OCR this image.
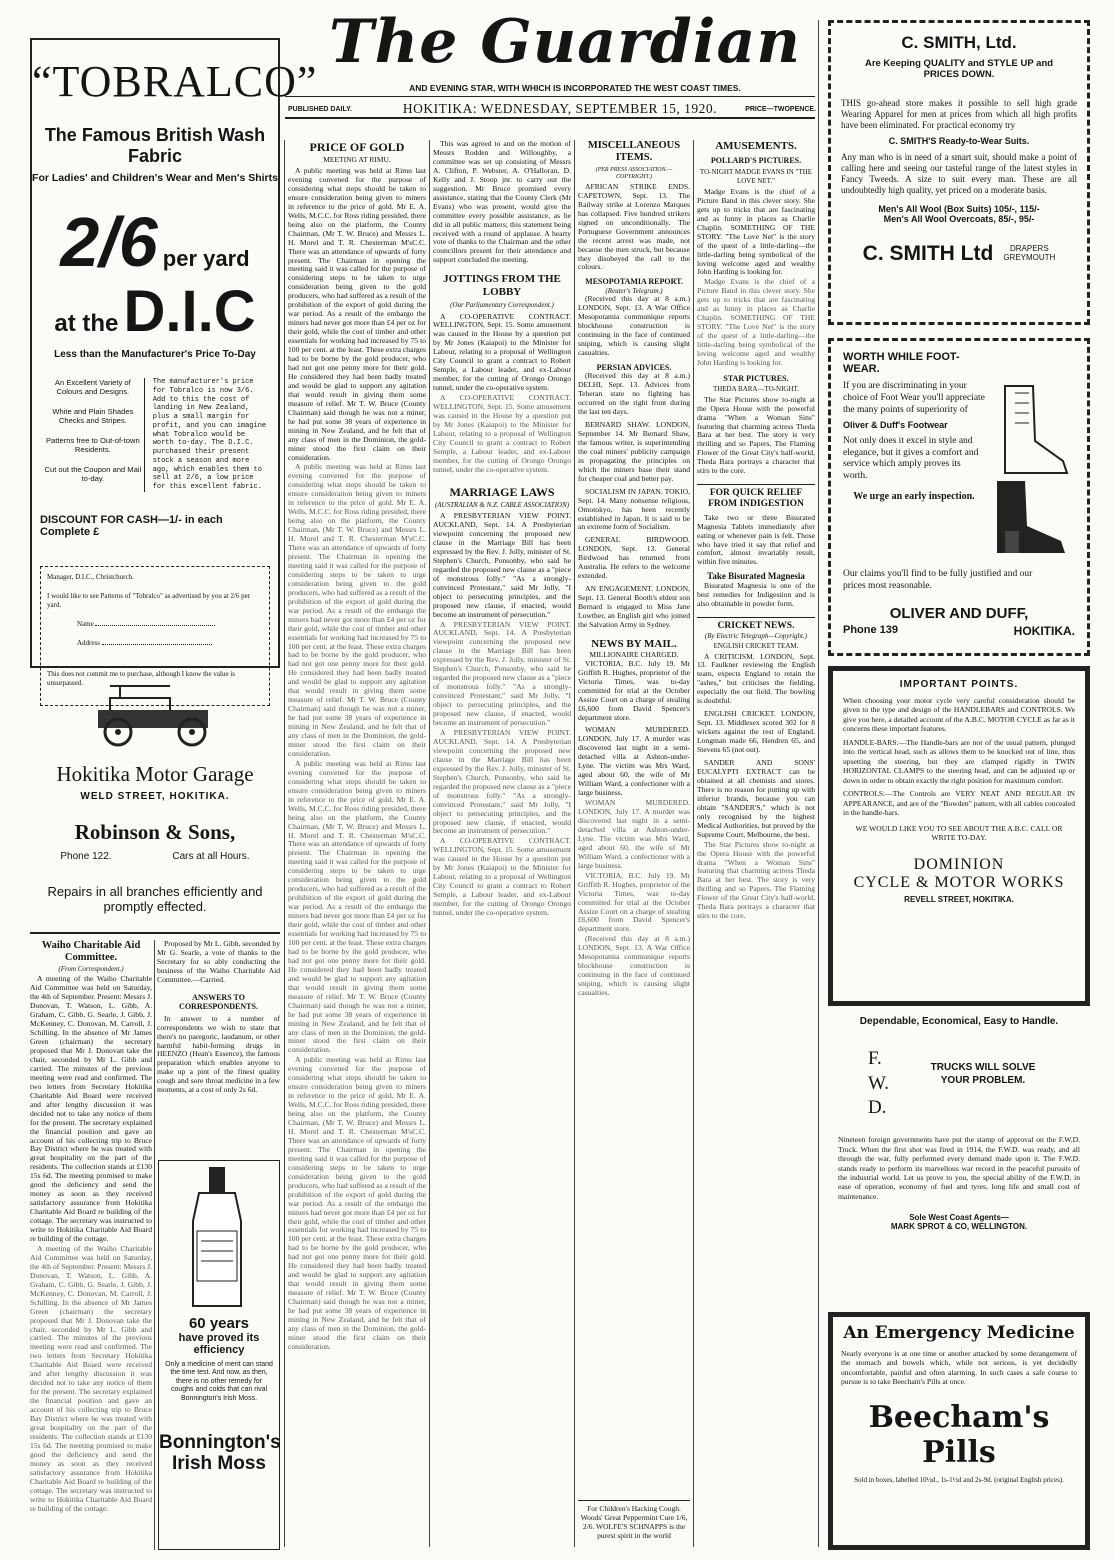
The Guardian
AND EVENING STAR, WITH WHICH IS INCORPORATED THE WEST COAST TIMES.
PUBLISHED DAILY.	HOKITIKA: WEDNESDAY, SEPTEMBER 15, 1920.	PRICE—TWOPENCE.
“TOBRALCO”
The Famous British Wash Fabric
For Ladies' and Children's Wear and Men's Shirts
2/6 per yard
at the D.I.C
Less than the Manufacturer's Price To-Day
An Excellent Variety of Colours and Designs.
White and Plain Shades Checks and Stripes.
Patterns free to Out-of-town Residents.
Cut out the Coupon and Mail to-day.
The manufacturer's price for Tobralco is now 3/6. Add to this the cost of landing in New Zealand, plus a small margin for profit, and you can imagine what Tobralco would be worth to-day. The D.I.C. purchased their present stock a season and more ago, which enables them to sell at 2/6, a low price for this excellent fabric.
DISCOUNT FOR CASH—1/- in each Complete £
Manager, D.I.C., Christchurch.
I would like to see Patterns of "Tobralco" as advertised by you at 2/6 per yard.
Name
Address
This does not commit me to purchase, although I know the value is unsurpassed.
Hokitika Motor Garage
WELD STREET, HOKITIKA.
Robinson & Sons,
Phone 122.	Cars at all Hours.
Repairs in all branches efficiently and promptly effected.
Waiho Charitable Aid Committee.
(From Correspondent.)

A meeting of the Waiho Charitable Aid Committee was held on Saturday, the 4th of September. Present: Messrs J. Donovan, T. Watson, L. Gibb, A. Graham, C. Gibb, G. Searle, J. Gibb, J. McKenney, C. Donovan, M. Carroll, J. Schilling. In the absence of Mr James Green (chairman) the secretary proposed that Mr J. Donovan take the chair, seconded by Mr L. Gibb and carried. The minutes of the previous meeting were read and confirmed. The two letters from Secretary Hokitika Charitable Aid Board were received and after lengthy discussion it was decided not to take any notice of them for the present. The secretary explained the financial position and gave an account of his collecting trip to Bruce Bay District where he was treated with great hospitality on the part of the residents. The collection stands at £130 15s 6d. The meeting promised to make good the deficiency and send the money as soon as they received satisfactory assurance from Hokitika Charitable Aid Board re building of the cottage. The secretary was instructed to write to Hokitika Charitable Aid Board re building of the cottage.

A meeting of the Waiho Charitable Aid Committee was held on Saturday, the 4th of September. Present: Messrs J. Donovan, T. Watson, L. Gibb, A. Graham, C. Gibb, G. Searle, J. Gibb, J. McKenney, C. Donovan, M. Carroll, J. Schilling. In the absence of Mr James Green (chairman) the secretary proposed that Mr J. Donovan take the chair, seconded by Mr L. Gibb and carried. The minutes of the previous meeting were read and confirmed. The two letters from Secretary Hokitika Charitable Aid Board were received and after lengthy discussion it was decided not to take any notice of them for the present. The secretary explained the financial position and gave an account of his collecting trip to Bruce Bay District where he was treated with great hospitality on the part of the residents. The collection stands at £130 15s 6d. The meeting promised to make good the deficiency and send the money as soon as they received satisfactory assurance from Hokitika Charitable Aid Board re building of the cottage. The secretary was instructed to write to Hokitika Charitable Aid Board re building of the cottage.

Proposed by Mr L. Gibb, seconded by Mr G. Searle, a vote of thanks to the Secretary for so ably conducting the business of the Waiho Charitable Aid Committee.—Carried.

ANSWERS TO CORRESPONDENTS.

In answer to a number of correspondents we wish to state that there's no paregoric, laudanum, or other harmful habit-forming drugs in HEENZO (Hean's Essence), the famous preparation which enables anyone to make up a pint of the finest quality cough and sore throat medicine in a few moments, at a cost of only 2s 6d.

60 years
have proved its efficiency
Only a medicine of merit can stand the time test. And now, as then, there is no other remedy for coughs and colds that can rival Bonnington's Irish Moss.
Bonnington's Irish Moss
PRICE OF GOLD
MEETING AT RIMU.

A public meeting was held at Rimu last evening convened for the purpose of considering what steps should be taken to ensure consideration being given to miners in reference to the price of gold. Mr E. A. Wells, M.C.C. for Ross riding presided, there being also on the platform, the County Chairman, (Mr T. W. Bruce) and Messrs L. H. Morel and T. R. Chesterman M'sC.C. There was an attendance of upwards of forty present. The Chairman in opening the meeting said it was called for the purpose of considering steps to be taken to urge consideration being given to the gold producers, who had suffered as a result of the prohibition of the export of gold during the war period. As a result of the embargo the miners had never got more than £4 per oz for their gold, while the cost of timber and other essentials for working had increased by 75 to 100 per cent. at the least. These extra charges had to be borne by the gold producer, who had not got one penny more for their gold. He considered they had been badly treated and would be glad to support any agitation that would result in giving them some measure of relief. Mr T. W. Bruce (County Chairman) said though he was not a miner, he had put some 38 years of experience in mining in New Zealand, and he felt that of any class of men in the Dominion, the gold-miner stood the first claim on their consideration.

A public meeting was held at Rimu last evening convened for the purpose of considering what steps should be taken to ensure consideration being given to miners in reference to the price of gold. Mr E. A. Wells, M.C.C. for Ross riding presided, there being also on the platform, the County Chairman, (Mr T. W. Bruce) and Messrs L. H. Morel and T. R. Chesterman M'sC.C. There was an attendance of upwards of forty present. The Chairman in opening the meeting said it was called for the purpose of considering steps to be taken to urge consideration being given to the gold producers, who had suffered as a result of the prohibition of the export of gold during the war period. As a result of the embargo the miners had never got more than £4 per oz for their gold, while the cost of timber and other essentials for working had increased by 75 to 100 per cent. at the least. These extra charges had to be borne by the gold producer, who had not got one penny more for their gold. He considered they had been badly treated and would be glad to support any agitation that would result in giving them some measure of relief. Mr T. W. Bruce (County Chairman) said though he was not a miner, he had put some 38 years of experience in mining in New Zealand, and he felt that of any class of men in the Dominion, the gold-miner stood the first claim on their consideration.

A public meeting was held at Rimu last evening convened for the purpose of considering what steps should be taken to ensure consideration being given to miners in reference to the price of gold. Mr E. A. Wells, M.C.C. for Ross riding presided, there being also on the platform, the County Chairman, (Mr T. W. Bruce) and Messrs L. H. Morel and T. R. Chesterman M'sC.C. There was an attendance of upwards of forty present. The Chairman in opening the meeting said it was called for the purpose of considering steps to be taken to urge consideration being given to the gold producers, who had suffered as a result of the prohibition of the export of gold during the war period. As a result of the embargo the miners had never got more than £4 per oz for their gold, while the cost of timber and other essentials for working had increased by 75 to 100 per cent. at the least. These extra charges had to be borne by the gold producer, who had not got one penny more for their gold. He considered they had been badly treated and would be glad to support any agitation that would result in giving them some measure of relief. Mr T. W. Bruce (County Chairman) said though he was not a miner, he had put some 38 years of experience in mining in New Zealand, and he felt that of any class of men in the Dominion, the gold-miner stood the first claim on their consideration.

A public meeting was held at Rimu last evening convened for the purpose of considering what steps should be taken to ensure consideration being given to miners in reference to the price of gold. Mr E. A. Wells, M.C.C. for Ross riding presided, there being also on the platform, the County Chairman, (Mr T. W. Bruce) and Messrs L. H. Morel and T. R. Chesterman M'sC.C. There was an attendance of upwards of forty present. The Chairman in opening the meeting said it was called for the purpose of considering steps to be taken to urge consideration being given to the gold producers, who had suffered as a result of the prohibition of the export of gold during the war period. As a result of the embargo the miners had never got more than £4 per oz for their gold, while the cost of timber and other essentials for working had increased by 75 to 100 per cent. at the least. These extra charges had to be borne by the gold producer, who had not got one penny more for their gold. He considered they had been badly treated and would be glad to support any agitation that would result in giving them some measure of relief. Mr T. W. Bruce (County Chairman) said though he was not a miner, he had put some 38 years of experience in mining in New Zealand, and he felt that of any class of men in the Dominion, the gold-miner stood the first claim on their consideration.

This was agreed to and on the motion of Messrs Rodden and Willoughby, a committee was set up consisting of Messrs A. Clifton, P. Webster, A. O'Halloran, D. Kelly and J. Stoop jnr. to carry out the suggestion. Mr Bruce promised every assistance, stating that the County Clerk (Mr Evans) who was present, would give the committee every possible assistance, as he did in all public matters; this statement being received with a round of applause. A hearty vote of thanks to the Chairman and the other councillors present for their attendance and support concluded the meeting.

JOTTINGS FROM THE LOBBY
(Our Parliamentary Correspondent.)

A CO-OPERATIVE CONTRACT. WELLINGTON, Sept. 15. Some amusement was caused in the House by a question put by Mr Jones (Kaiapoi) to the Minister for Labour, relating to a proposal of Wellington City Council to grant a contract to Robert Semple, a Labour leader, and ex-Labour member, for the cutting of Orongo Orongo tunnel, under the co-operative system.

A CO-OPERATIVE CONTRACT. WELLINGTON, Sept. 15. Some amusement was caused in the House by a question put by Mr Jones (Kaiapoi) to the Minister for Labour, relating to a proposal of Wellington City Council to grant a contract to Robert Semple, a Labour leader, and ex-Labour member, for the cutting of Orongo Orongo tunnel, under the co-operative system.

MARRIAGE LAWS
(AUSTRALIAN & N.Z. CABLE ASSOCIATION)

A PRESBYTERIAN VIEW POINT. AUCKLAND, Sept. 14. A Presbyterian viewpoint concerning the proposed new clause in the Marriage Bill has been expressed by the Rev. J. Jolly, minister of St. Stephen's Church, Ponsonby, who said he regarded the proposed new clause as a "piece of monstrous folly." "As a strongly-convinced Protestant," said Mr Jolly, "I object to persecuting principles, and the proposed new clause, if enacted, would become an instrument of persecution."

A PRESBYTERIAN VIEW POINT. AUCKLAND, Sept. 14. A Presbyterian viewpoint concerning the proposed new clause in the Marriage Bill has been expressed by the Rev. J. Jolly, minister of St. Stephen's Church, Ponsonby, who said he regarded the proposed new clause as a "piece of monstrous folly." "As a strongly-convinced Protestant," said Mr Jolly, "I object to persecuting principles, and the proposed new clause, if enacted, would become an instrument of persecution."

A PRESBYTERIAN VIEW POINT. AUCKLAND, Sept. 14. A Presbyterian viewpoint concerning the proposed new clause in the Marriage Bill has been expressed by the Rev. J. Jolly, minister of St. Stephen's Church, Ponsonby, who said he regarded the proposed new clause as a "piece of monstrous folly." "As a strongly-convinced Protestant," said Mr Jolly, "I object to persecuting principles, and the proposed new clause, if enacted, would become an instrument of persecution."

A CO-OPERATIVE CONTRACT. WELLINGTON, Sept. 15. Some amusement was caused in the House by a question put by Mr Jones (Kaiapoi) to the Minister for Labour, relating to a proposal of Wellington City Council to grant a contract to Robert Semple, a Labour leader, and ex-Labour member, for the cutting of Orongo Orongo tunnel, under the co-operative system.

MISCELLANEOUS ITEMS.
(PER PRESS ASSOCIATION.—COPYRIGHT.)

AFRICAN STRIKE ENDS. CAPETOWN, Sept. 13. The Railway strike at Lorenzo Marques has collapsed. Five hundred strikers signed on unconditionally. The Portuguese Government announces the recent arrest was made, not because the men struck, but because they disobeyed the call to the colours.

MESOPOTAMIA REPORT.
(Reuter's Telegram.)

(Received this day at 8 a.m.) LONDON, Sept. 13. A War Office Mesopotamia communique reports blockhouse construction is continuing in the face of continued sniping, which is causing slight casualties.

PERSIAN ADVICES.

(Received this day at 8 a.m.) DELHI, Sept. 13. Advices from Teheran state no fighting has occurred on the right front during the last ten days.

BERNARD SHAW. LONDON, September 14. Mr Bernard Shaw, the famous writer, is superintending the coal miners' publicity campaign in propagating the principles on which the miners base their stand for cheaper coal and better pay.

SOCIALISM IN JAPAN. TOKIO, Sept. 14. Many nonsense religious, Omotokyo, has been recently established in Japan. It is said to be an extreme form of Socialism.

GENERAL BIRDWOOD. LONDON, Sept. 13. General Birdwood has returned from Australia. He refers to the welcome extended.

AN ENGAGEMENT. LONDON, Sept. 13. General Booth's eldest son Bernard is engaged to Miss Jane Lowther, an English girl who joined the Salvation Army in Sydney.

NEWS BY MAIL.
MILLIONAIRE CHARGED.

VICTORIA, B.C. July 19. Mr Griffith R. Hughes, proprietor of the Victoria Times, was to-day committed for trial at the October Assize Court on a charge of stealing £6,600 from David Spencer's department store.

WOMAN MURDERED. LONDON, July 17. A murder was discovered last night in a semi-detached villa at Ashton-under-Lyne. The victim was Mrs Ward, aged about 60, the wife of Mr William Ward, a confectioner with a large business.

WOMAN MURDERED. LONDON, July 17. A murder was discovered last night in a semi-detached villa at Ashton-under-Lyne. The victim was Mrs Ward, aged about 60, the wife of Mr William Ward, a confectioner with a large business.

VICTORIA, B.C. July 19. Mr Griffith R. Hughes, proprietor of the Victoria Times, was to-day committed for trial at the October Assize Court on a charge of stealing £6,600 from David Spencer's department store.

(Received this day at 8 a.m.) LONDON, Sept. 13. A War Office Mesopotamia communique reports blockhouse construction is continuing in the face of continued sniping, which is causing slight casualties.

For Children's Hacking Cough. Woods' Great Peppermint Cure 1/6, 2/6. WOLFE'S SCHNAPPS is the purest spirit in the world
AMUSEMENTS.
POLLARD'S PICTURES.
TO-NIGHT MADGE EVANS IN "THE LOVE NET."

Madge Evans is the chief of a Picture Band in this clever story. She gets up to tricks that are fascinating and as funny in places as Charlie Chaplin. SOMETHING OF THE STORY. "The Love Net" is the story of the quest of a little-darling—the little-darling being symbolical of the loving welcome aged and wealthy John Harding is looking for.

Madge Evans is the chief of a Picture Band in this clever story. She gets up to tricks that are fascinating and as funny in places as Charlie Chaplin. SOMETHING OF THE STORY. "The Love Net" is the story of the quest of a little-darling—the little-darling being symbolical of the loving welcome aged and wealthy John Harding is looking for.

STAR PICTURES.
THEDA BARA—TO-NIGHT.

The Star Pictures show to-night at the Opera House with the powerful drama "When a Woman Sins" featuring that charming actress Theda Bara at her best. The story is very thrilling and so Papers, The Flaming Flower of the Great City's half-world, Theda Bara portrays a character that stirs to the core.

FOR QUICK RELIEF FROM INDIGESTION

Take two or three Bisurated Magnesia Tablets immediately after eating or whenever pain is felt. Those who have tried it say that relief and comfort, almost invariably result, within five minutes.

Take Bisurated Magnesia

Bisurated Magnesia is one of the best remedies for Indigestion and is also obtainable in powder form.

CRICKET NEWS.
(By Electric Telegraph—Copyright.)
ENGLISH CRICKET TEAM.

A CRITICISM. LONDON, Sept. 13. Faulkner reviewing the English team, expects England to retain the "ashes," but criticises the fielding, especially the out field. The bowling is doubtful.

ENGLISH CRICKET. LONDON, Sept. 13. Middlesex scored 302 for 8 wickets against the rest of England. Longman made 66, Hendren 65, and Stevens 65 (not out).

SANDER AND SONS' EUCALYPTI EXTRACT can be obtained at all chemists and stores. There is no reason for putting up with inferior brands, because you can obtain "SANDER'S," which is not only recognised by the highest Medical Authorities, but proved by the Supreme Court, Melbourne, the best.

The Star Pictures show to-night at the Opera House with the powerful drama "When a Woman Sins" featuring that charming actress Theda Bara at her best. The story is very thrilling and so Papers, The Flaming Flower of the Great City's half-world, Theda Bara portrays a character that stirs to the core.

C. SMITH, Ltd.
Are Keeping QUALITY and STYLE UP and PRICES DOWN.
THIS go-ahead store makes it possible to sell high grade Wearing Apparel for men at prices from which all high profits have been eliminated. For practical economy try
C. SMITH'S Ready-to-Wear Suits.
Any man who is in need of a smart suit, should make a point of calling here and seeing our tasteful range of the latest styles in Fancy Tweeds. A size to suit every man. These are all undoubtedly high quality, yet priced on a moderate basis.
Men's All Wool (Box Suits) 105/-, 115/-
Men's All Wool Overcoats, 85/-, 95/-
C. SMITH Ltd	DRAPERS
GREYMOUTH
WORTH WHILE FOOT-WEAR.
If you are discriminating in your choice of Foot Wear you'll appreciate the many points of superiority of
Oliver & Duff's Footwear
Not only does it excel in style and elegance, but it gives a comfort and service which amply proves its worth.
We urge an early inspection.
Our claims you'll find to be fully justified and our prices most reasonable.
OLIVER AND DUFF,
Phone 139	HOKITIKA.
IMPORTANT POINTS.
When choosing your motor cycle very careful consideration should be given to the type and design of the HANDLEBARS and CONTROLS. We give you here, a detailed account of the A.B.C. MOTOR CYCLE as far as it concerns these important features.
HANDLE-BARS:—The Handle-bars are not of the usual pattern, plunged into the vertical head, such as allows them to be knocked out of line, thus upsetting the steering, but they are clamped rigidly in TWIN HORIZONTAL CLAMPS to the steering head, and can be adjusted up or down in order to obtain exactly the right position for maximum comfort.
CONTROLS:—The Controls are VERY NEAT AND REGULAR IN APPEARANCE, and are of the "Bowden" pattern, with all cables concealed in the handle-bars.
WE WOULD LIKE YOU TO SEE ABOUT THE A.B.C. CALL OR WRITE TO-DAY.
DOMINION
CYCLE & MOTOR WORKS
REVELL STREET, HOKITIKA.
Dependable, Economical, Easy to Handle.
F.
W.
D.
TRUCKS WILL SOLVE YOUR PROBLEM.
Nineteen foreign governments have put the stamp of approval on the F.W.D. Truck. When the first shot was fired in 1914, the F.W.D. was ready, and all through the war, fully performed every demand made upon it. The F.W.D. stands ready to perform its marvellous war record in the peaceful pursuits of the industrial world. Let us prove to you, the special ability of the F.W.D. in ease of operation, economy of fuel and tyres, long life and small cost of maintenance.
Sole West Coast Agents—
MARK SPROT & CO, WELLINGTON.
An Emergency Medicine
Nearly everyone is at one time or another attacked by some derangement of the stomach and bowels which, while not serious, is yet decidedly uncomfortable, painful and often alarming. In such cases a safe course to pursue is to take Beecham's Pills at once.
Beecham's Pills
Sold in boxes, labelled 10½d., 1s-1½d and 2s-9d. (original English prices).
